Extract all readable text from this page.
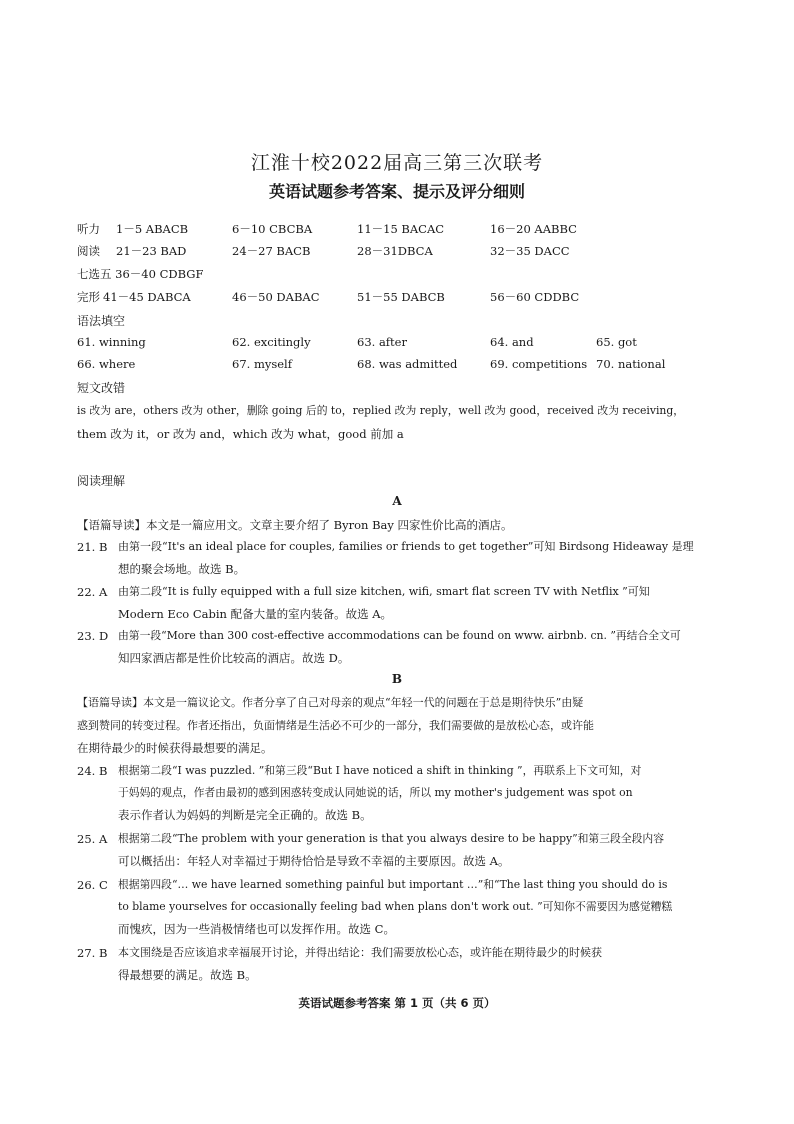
江淮十校2022届高三第三次联考
英语试题参考答案、提示及评分细则
听力 1－5 ABACB	6－10 CBCBA	11－15 BACAC	16－20 AABBC
阅读 21－23 BAD	24－27 BACB	28－31DBCA	32－35 DACC
七选五 36－40 CDBGF
完形 41－45 DABCA	46－50 DABAC	51－55 DABCB	56－60 CDDBC
语法填空
61. winning	62. excitingly	63. after	64. and	65. got
66. where	67. myself	68. was admitted	69. competitions 70. national
短文改错
is 改为 are，others 改为 other，删除 going 后的 to，replied 改为 reply，well 改为 good，received 改为 receiving，
them 改为 it，or 改为 and，which 改为 what，good 前加 a
阅读理解
A
【语篇导读】本文是一篇应用文。文章主要介绍了 Byron Bay 四家性价比高的酒店。
21. B 由第一段“It's an ideal place for couples, families or friends to get together”可知 Birdsong Hideaway 是理
想的聚会场地。故选 B。
22. A 由第二段“It is fully equipped with a full size kitchen, wifi, smart flat screen TV with Netflix ”可知
Modern Eco Cabin 配备大量的室内装备。故选 A。
23. D 由第一段“More than 300 cost-effective accommodations can be found on www. airbnb. cn. ”再结合全文可
知四家酒店都是性价比较高的酒店。故选 D。
B
【语篇导读】本文是一篇议论文。作者分享了自己对母亲的观点“年轻一代的问题在于总是期待快乐”由疑
惑到赞同的转变过程。作者还指出，负面情绪是生活必不可少的一部分，我们需要做的是放松心态，或许能
在期待最少的时候获得最想要的满足。
24. B 根据第二段“I was puzzled. ”和第三段“But I have noticed a shift in thinking ”，再联系上下文可知，对
于妈妈的观点，作者由最初的感到困惑转变成认同她说的话，所以 my mother's judgement was spot on
表示作者认为妈妈的判断是完全正确的。故选 B。
25. A 根据第二段“The problem with your generation is that you always desire to be happy”和第三段全段内容
可以概括出：年轻人对幸福过于期待恰恰是导致不幸福的主要原因。故选 A。
26. C 根据第四段“… we have learned something painful but important …”和“The last thing you should do is
to blame yourselves for occasionally feeling bad when plans don't work out. ”可知你不需要因为感觉糟糕
而愧疚，因为一些消极情绪也可以发挥作用。故选 C。
27. B 本文围绕是否应该追求幸福展开讨论，并得出结论：我们需要放松心态，或许能在期待最少的时候获
得最想要的满足。故选 B。
英语试题参考答案 第 1 页（共 6 页）
